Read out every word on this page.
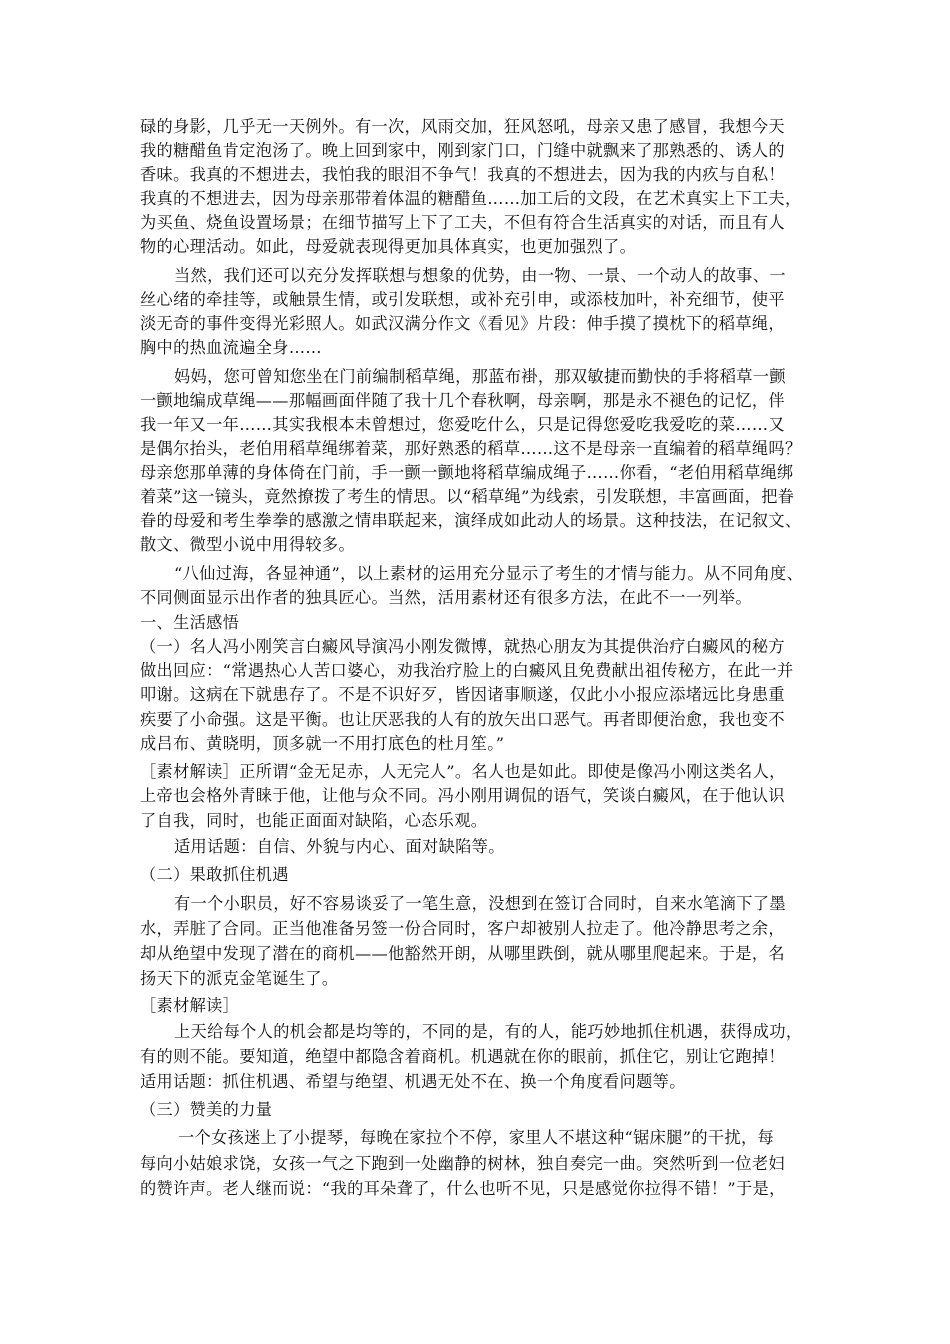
碌的身影，几乎无一天例外。有一次，风雨交加，狂风怒吼，母亲又患了感冒，我想今天
我的糖醋鱼肯定泡汤了。晚上回到家中，刚到家门口，门缝中就飘来了那熟悉的、诱人的
香味。我真的不想进去，我怕我的眼泪不争气！我真的不想进去，因为我的内疚与自私！
我真的不想进去，因为母亲那带着体温的糖醋鱼……加工后的文段，在艺术真实上下工夫，
为买鱼、烧鱼设置场景；在细节描写上下了工夫，不但有符合生活真实的对话，而且有人
物的心理活动。如此，母爱就表现得更加具体真实，也更加强烈了。
当然，我们还可以充分发挥联想与想象的优势，由一物、一景、一个动人的故事、一
丝心绪的牵挂等，或触景生情，或引发联想，或补充引申，或添枝加叶，补充细节，使平
淡无奇的事件变得光彩照人。如武汉满分作文《看见》片段：伸手摸了摸枕下的稻草绳，
胸中的热血流遍全身……
妈妈，您可曾知您坐在门前编制稻草绳，那蓝布褂，那双敏捷而勤快的手将稻草一颤
一颤地编成草绳——那幅画面伴随了我十几个春秋啊，母亲啊，那是永不褪色的记忆，伴
我一年又一年……其实我根本未曾想过，您爱吃什么，只是记得您爱吃我爱吃的菜……又
是偶尔抬头，老伯用稻草绳绑着菜，那好熟悉的稻草……这不是母亲一直编着的稻草绳吗？
母亲您那单薄的身体倚在门前，手一颤一颤地将稻草编成绳子……你看，“老伯用稻草绳绑
着菜”这一镜头，竟然撩拨了考生的情思。以“稻草绳”为线索，引发联想，丰富画面，把眷
眷的母爱和考生拳拳的感激之情串联起来，演绎成如此动人的场景。这种技法，在记叙文、
散文、微型小说中用得较多。
“八仙过海，各显神通”，以上素材的运用充分显示了考生的才情与能力。从不同角度、
不同侧面显示出作者的独具匠心。当然，活用素材还有很多方法，在此不一一列举。
一、生活感悟
（一）名人冯小刚笑言白癜风导演冯小刚发微博，就热心朋友为其提供治疗白癜风的秘方
做出回应：“常遇热心人苦口婆心，劝我治疗脸上的白癜风且免费献出祖传秘方，在此一并
叩谢。这病在下就患存了。不是不识好歹，皆因诸事顺遂，仅此小小报应添堵远比身患重
疾要了小命强。这是平衡。也让厌恶我的人有的放矢出口恶气。再者即便治愈，我也变不
成吕布、黄晓明，顶多就一不用打底色的杜月笙。”
［素材解读］正所谓“金无足赤，人无完人”。名人也是如此。即使是像冯小刚这类名人，
上帝也会格外青睐于他，让他与众不同。冯小刚用调侃的语气，笑谈白癜风，在于他认识
了自我，同时，也能正面面对缺陷，心态乐观。
适用话题：自信、外貌与内心、面对缺陷等。
（二）果敢抓住机遇
有一个小职员，好不容易谈妥了一笔生意，没想到在签订合同时，自来水笔滴下了墨
水，弄脏了合同。正当他准备另签一份合同时，客户却被别人拉走了。他冷静思考之余，
却从绝望中发现了潜在的商机——他豁然开朗，从哪里跌倒，就从哪里爬起来。于是，名
扬天下的派克金笔诞生了。
［素材解读］
上天给每个人的机会都是均等的，不同的是，有的人，能巧妙地抓住机遇，获得成功，
有的则不能。要知道，绝望中都隐含着商机。机遇就在你的眼前，抓住它，别让它跑掉！
适用话题：抓住机遇、希望与绝望、机遇无处不在、换一个角度看问题等。
（三）赞美的力量
一个女孩迷上了小提琴，每晚在家拉个不停，家里人不堪这种“锯床腿”的干扰，每
每向小姑娘求饶，女孩一气之下跑到一处幽静的树林，独自奏完一曲。突然听到一位老妇
的赞许声。老人继而说：“我的耳朵聋了，什么也听不见，只是感觉你拉得不错！”于是，
